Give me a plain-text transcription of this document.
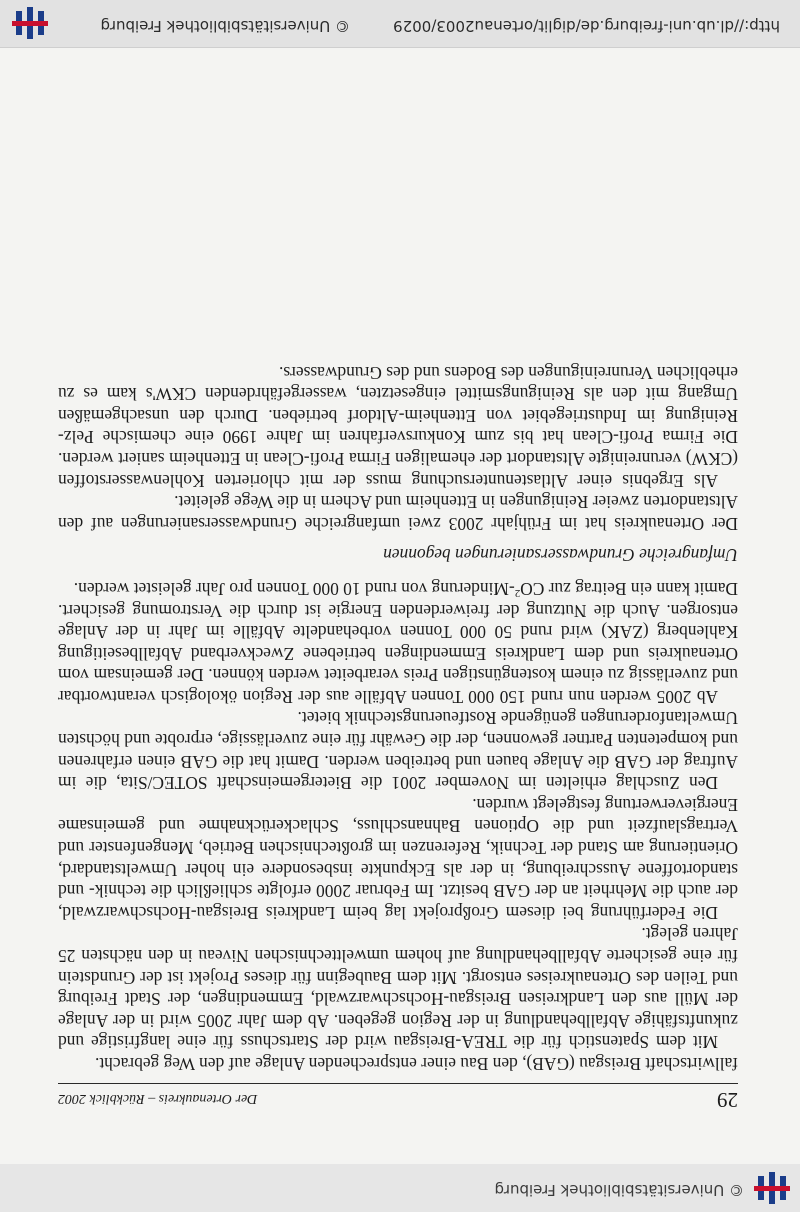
© Universitätsbibliothek Freiburg
29
Der Ortenaukreis – Rückblick 2002

fallwirtschaft Breisgau (GAB), den Bau einer entsprechenden Anlage auf den Weg gebracht.

Mit dem Spatenstich für die TREA-Breisgau wird der Startschuss für eine langfristige und zukunftsfähige Abfallbehandlung in der Region gegeben. Ab dem Jahr 2005 wird in der Anlage der Müll aus den Landkreisen Breisgau-Hochschwarzwald, Emmendingen, der Stadt Freiburg und Teilen des Ortenaukreises entsorgt. Mit dem Baubeginn für dieses Projekt ist der Grundstein für eine gesicherte Abfallbehandlung auf hohem umwelttechnischen Niveau in den nächsten 25 Jahren gelegt.

Die Federführung bei diesem Großprojekt lag beim Landkreis Breisgau-Hochschwarzwald, der auch die Mehrheit an der GAB besitzt. Im Februar 2000 erfolgte schließlich die technik- und standortoffene Ausschreibung, in der als Eckpunkte insbesondere ein hoher Umweltstandard, Orientierung am Stand der Technik, Referenzen im großtechnischen Betrieb, Mengenfenster und Vertragslaufzeit und die Optionen Bahnanschluss, Schlackerücknahme und gemeinsame Energieverwertung festgelegt wurden.

Den Zuschlag erhielten im November 2001 die Bietergemeinschaft SOTEC/Sita, die im Auftrag der GAB die Anlage bauen und betreiben werden. Damit hat die GAB einen erfahrenen und kompetenten Partner gewonnen, der die Gewähr für eine zuverlässige, erprobte und höchsten Umweltanforderungen genügende Rostfeuerungstechnik bietet.

Ab 2005 werden nun rund 150 000 Tonnen Abfälle aus der Region ökologisch verantwortbar und zuverlässig zu einem kostengünstigen Preis verarbeitet werden können. Der gemeinsam vom Ortenaukreis und dem Landkreis Emmendingen betriebene Zweckverband Abfallbeseitigung Kahlenberg (ZAK) wird rund 50 000 Tonnen vorbehandelte Abfälle im Jahr in der Anlage entsorgen. Auch die Nutzung der freiwerdenden Energie ist durch die Verstromung gesichert. Damit kann ein Beitrag zur $CO^2$-Minderung von rund 10 000 Tonnen pro Jahr geleistet werden.

Umfangreiche Grundwassersanierungen begonnen

Der Ortenaukreis hat im Frühjahr 2003 zwei umfangreiche Grundwassersanierungen auf den Altstandorten zweier Reinigungen in Ettenheim und Achern in die Wege geleitet.

Als Ergebnis einer Altlastenuntersuchung muss der mit chlorierten Kohlenwasserstoffen (CKW) verunreinigte Altstandort der ehemaligen Firma Profi-Clean in Ettenheim saniert werden. Die Firma Profi-Clean hat bis zum Konkursverfahren im Jahre 1990 eine chemische Pelz-Reinigung im Industriegebiet von Ettenheim-Altdorf betrieben. Durch den unsachgemäßen Umgang mit den als Reinigungsmittel eingesetzten, wassergefährdenden CKW's kam es zu erheblichen Verunreinigungen des Bodens und des Grundwassers.

http://dl.ub.uni-freiburg.de/diglit/ortenau2003/0029
© Universitätsbibliothek Freiburg
